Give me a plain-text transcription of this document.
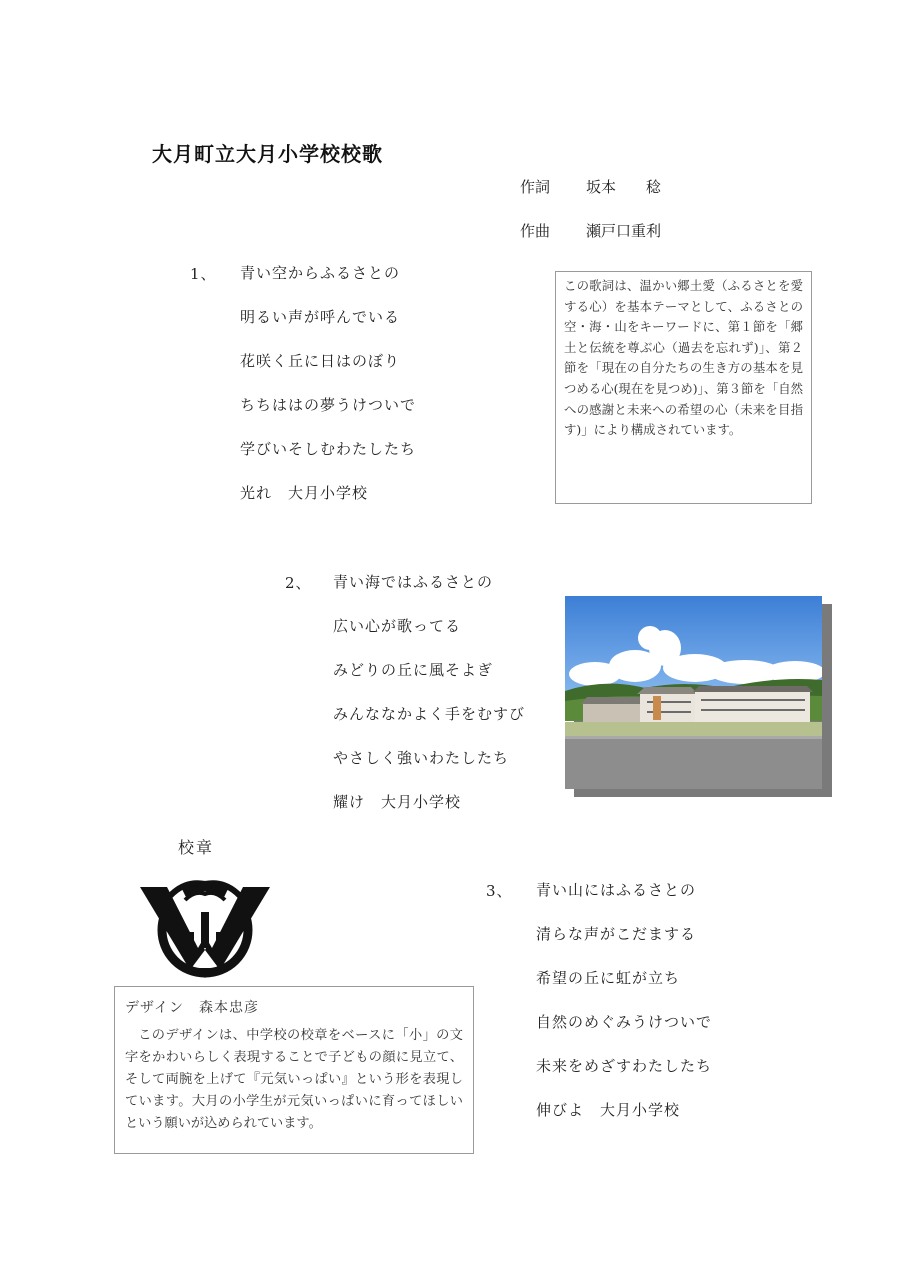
大月町立大月小学校校歌
作詞	坂本　　稔
作曲	瀬戸口重利
1、 青い空からふるさとの
明るい声が呼んでいる
花咲く丘に日はのぼり
ちちははの夢うけついで
学びいそしむわたしたち
光れ　大月小学校
この歌詞は、温かい郷土愛（ふるさとを愛する心）を基本テーマとして、ふるさとの空・海・山をキーワードに、第１節を「郷土と伝統を尊ぶ心（過去を忘れず)」、第２節を「現在の自分たちの生き方の基本を見つめる心(現在を見つめ)」、第３節を「自然への感謝と未来への希望の心（未来を目指す)」により構成されています。
2、 青い海ではふるさとの
広い心が歌ってる
みどりの丘に風そよぎ
みんななかよく手をむすび
やさしく強いわたしたち
耀け　大月小学校
校章
デザイン　森本忠彦
このデザインは、中学校の校章をベースに「小」の文字をかわいらしく表現することで子どもの顔に見立て、そして両腕を上げて『元気いっぱい』という形を表現しています。大月の小学生が元気いっぱいに育ってほしいという願いが込められています。
3、 青い山にはふるさとの
清らな声がこだまする
希望の丘に虹が立ち
自然のめぐみうけついで
未来をめざすわたしたち
伸びよ　大月小学校
